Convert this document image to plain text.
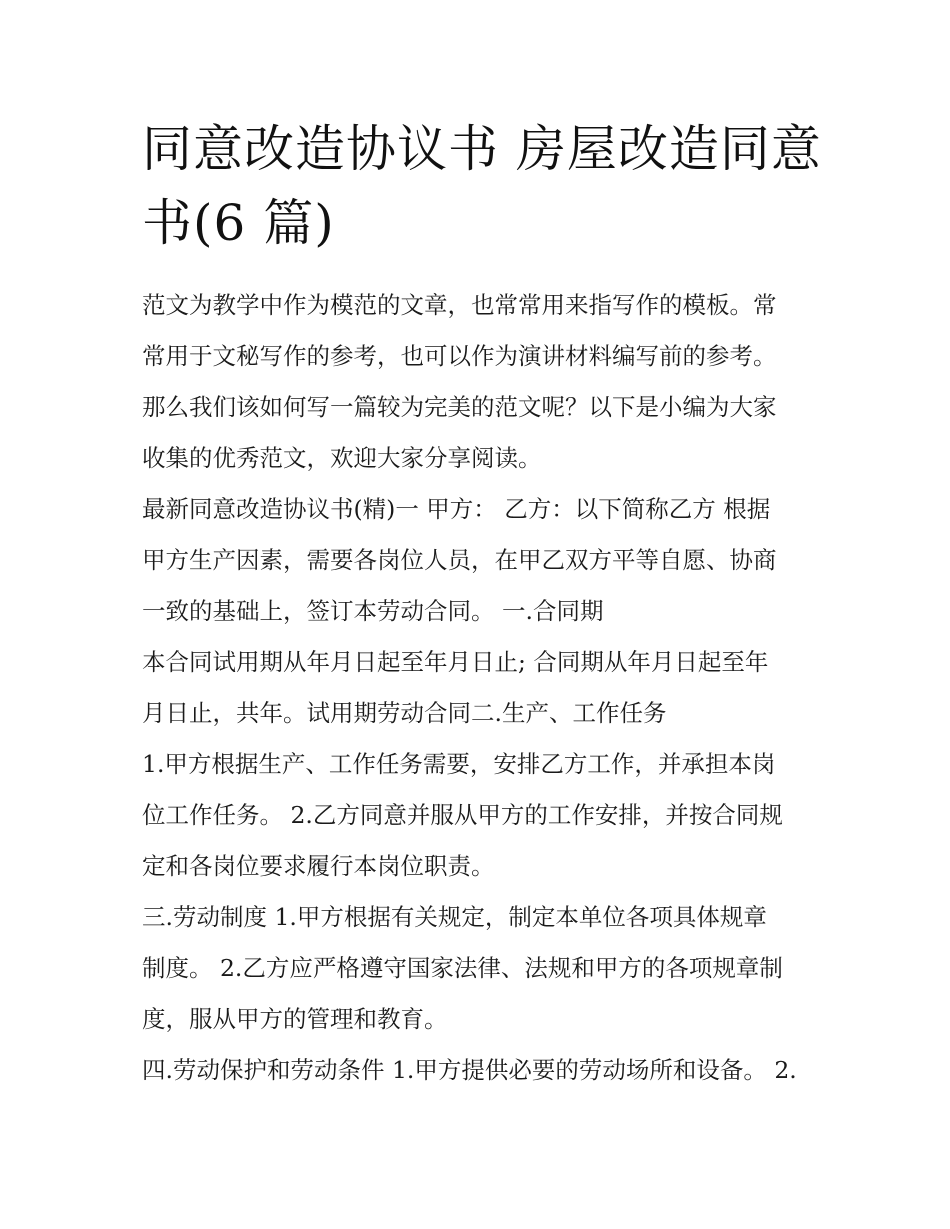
同意改造协议书 房屋改造同意
书(6 篇)

范文为教学中作为模范的文章，也常常用来指写作的模板。常
常用于文秘写作的参考，也可以作为演讲材料编写前的参考。
那么我们该如何写一篇较为完美的范文呢？以下是小编为大家
收集的优秀范文，欢迎大家分享阅读。

最新同意改造协议书(精)一 甲方： 乙方：以下简称乙方 根据
甲方生产因素，需要各岗位人员，在甲乙双方平等自愿、协商
一致的基础上，签订本劳动合同。 一.合同期

本合同试用期从年月日起至年月日止; 合同期从年月日起至年
月日止，共年。试用期劳动合同二.生产、工作任务

1.甲方根据生产、工作任务需要，安排乙方工作，并承担本岗
位工作任务。 2.乙方同意并服从甲方的工作安排，并按合同规
定和各岗位要求履行本岗位职责。

三.劳动制度 1.甲方根据有关规定，制定本单位各项具体规章
制度。 2.乙方应严格遵守国家法律、法规和甲方的各项规章制
度，服从甲方的管理和教育。

四.劳动保护和劳动条件 1.甲方提供必要的劳动场所和设备。 2.
